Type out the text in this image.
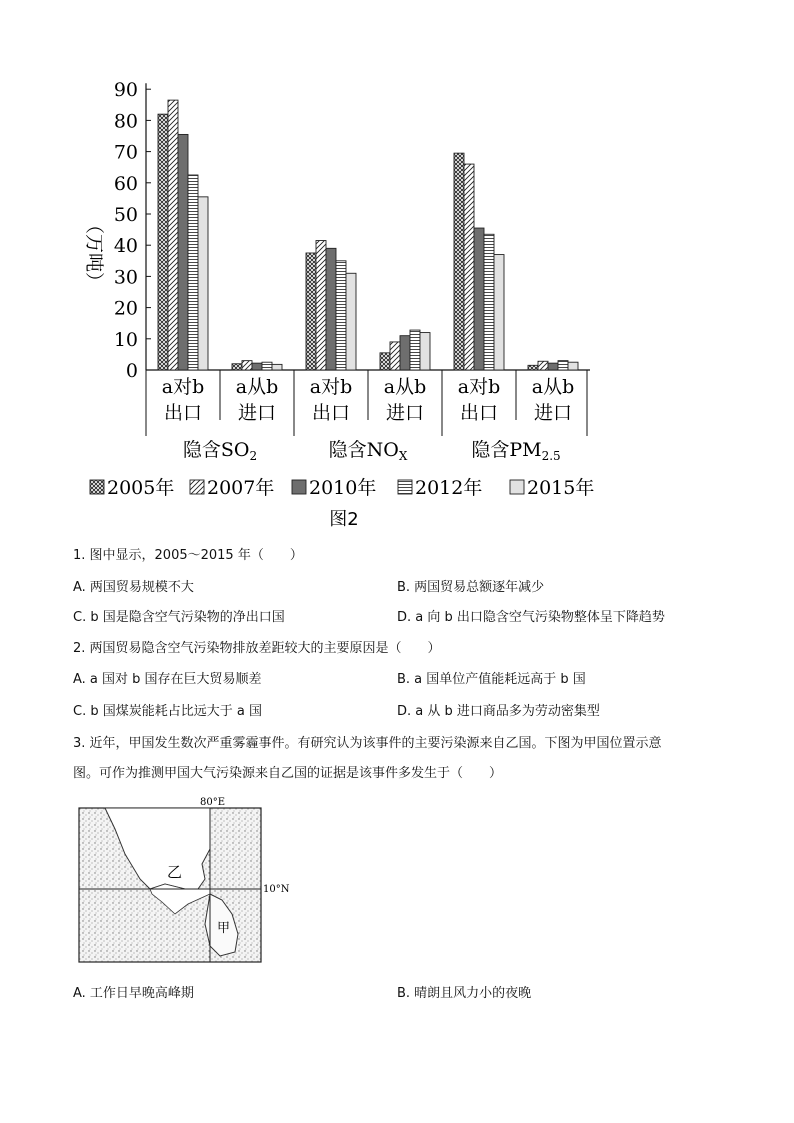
0
10
20
30
40
50
60
70
80
90
（万吨）
a对b
出口
a从b
进口
a对b
出口
a从b
进口
a对b
出口
a从b
进口
隐含$SO_2$	隐含$NO_X$	隐含$PM_{2.5}$
图2
2005年 2007年 2010年 2012年 2015年
1. 图中显示，2005～2015 年（　　）
A. 两国贸易规模不大	B. 两国贸易总额逐年减少
C. b 国是隐含空气污染物的净出口国	D. a 向 b 出口隐含空气污染物整体呈下降趋势
2. 两国贸易隐含空气污染物排放差距较大的主要原因是（　　）
A. a 国对 b 国存在巨大贸易顺差	B. a 国单位产值能耗远高于 b 国
C. b 国煤炭能耗占比远大于 a 国	D. a 从 b 进口商品多为劳动密集型
3. 近年，甲国发生数次严重雾霾事件。有研究认为该事件的主要污染源来自乙国。下图为甲国位置示意
图。可作为推测甲国大气污染源来自乙国的证据是该事件多发生于（　　）
80°E
10°N
乙
甲
A. 工作日早晚高峰期	B. 晴朗且风力小的夜晚
